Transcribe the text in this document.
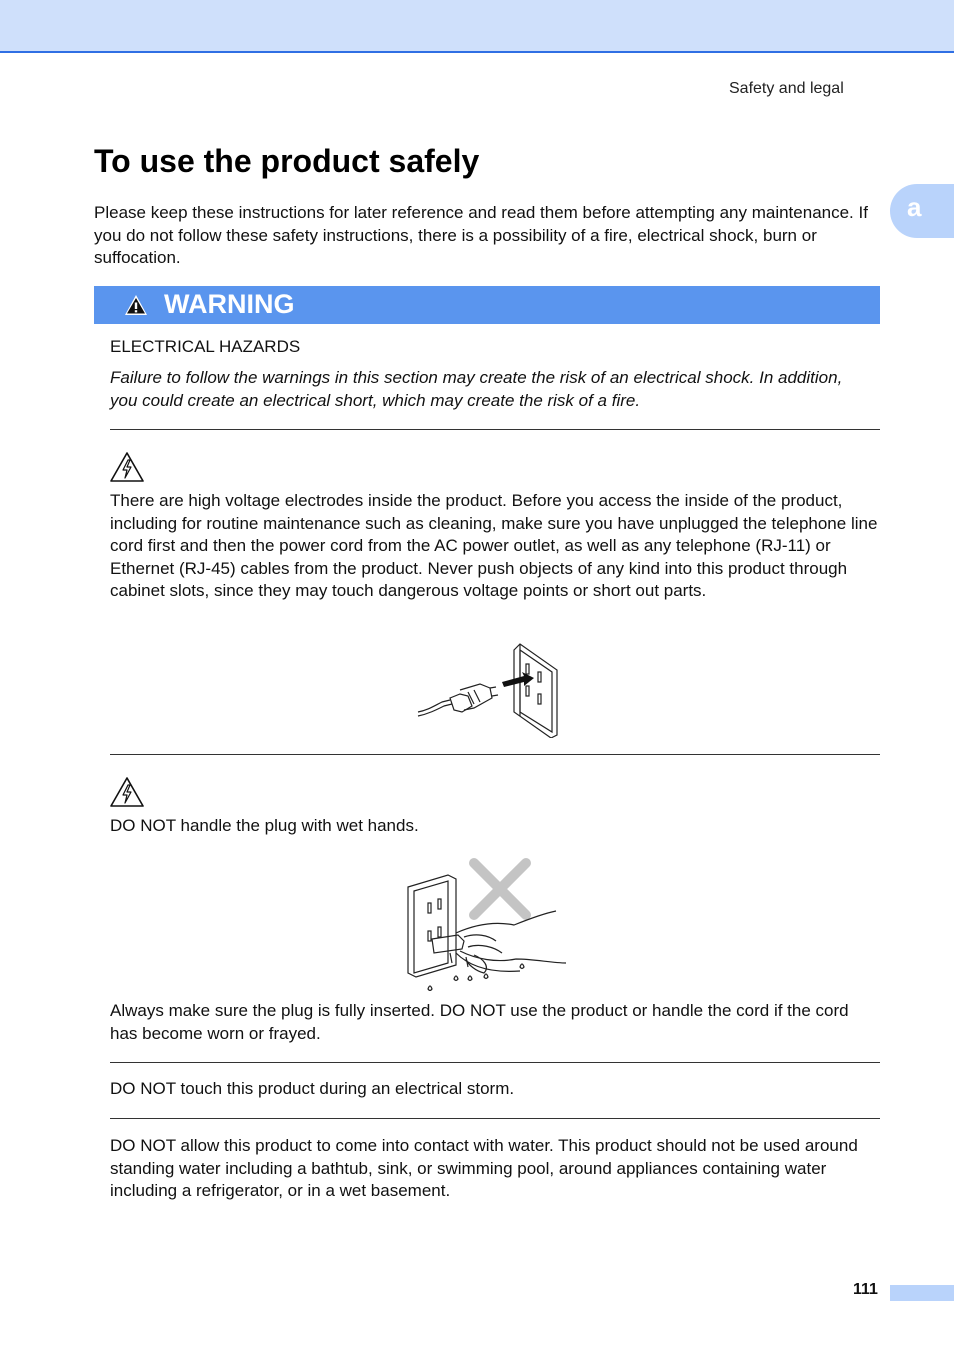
Safety and legal
To use the product safely
a
Please keep these instructions for later reference and read them before attempting any maintenance. If you do not follow these safety instructions, there is a possibility of a fire, electrical shock, burn or suffocation.
WARNING
ELECTRICAL HAZARDS
Failure to follow the warnings in this section may create the risk of an electrical shock. In addition, you could create an electrical short, which may create the risk of a fire.
There are high voltage electrodes inside the product. Before you access the inside of the product, including for routine maintenance such as cleaning, make sure you have unplugged the telephone line cord first and then the power cord from the AC power outlet, as well as any telephone (RJ-11) or Ethernet (RJ-45) cables from the product. Never push objects of any kind into this product through cabinet slots, since they may touch dangerous voltage points or short out parts.
DO NOT handle the plug with wet hands.
Always make sure the plug is fully inserted. DO NOT use the product or handle the cord if the cord has become worn or frayed.
DO NOT touch this product during an electrical storm.
DO NOT allow this product to come into contact with water. This product should not be used around standing water including a bathtub, sink, or swimming pool, around appliances containing water including a refrigerator, or in a wet basement.
111
